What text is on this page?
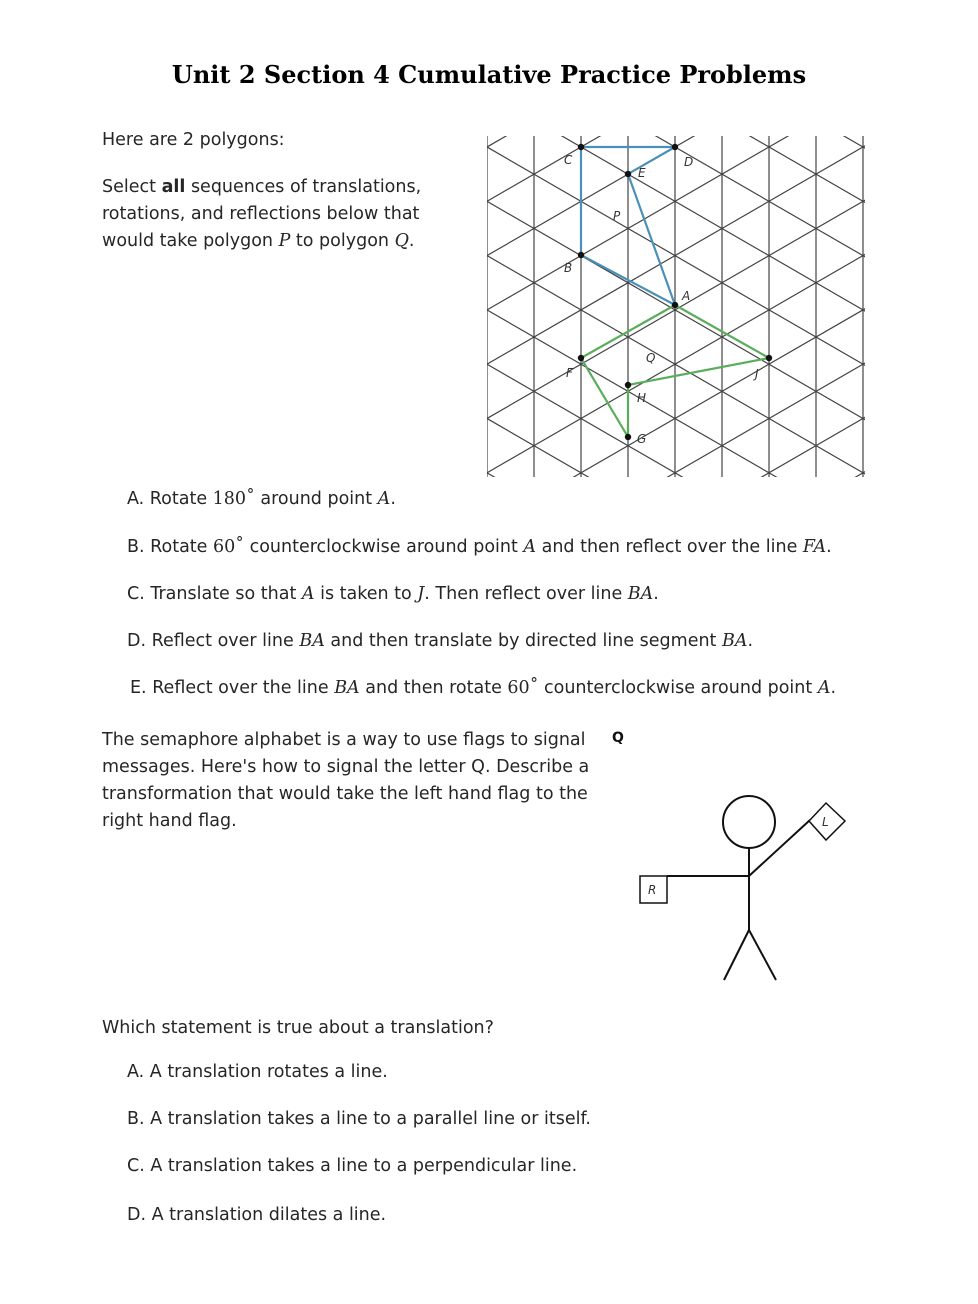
Unit 2 Section 4 Cumulative Practice Problems
Here are 2 polygons:
Select all sequences of translations, rotations, and reflections below that would take polygon P to polygon Q.
C	D
E
P
B
A
Q
F
H
G
J
A. Rotate 180˚ around point A.
B. Rotate 60˚ counterclockwise around point A and then reflect over the line FA.
C. Translate so that A is taken to J. Then reflect over line BA.
D. Reflect over line BA and then translate by directed line segment BA.
E. Reflect over the line BA and then rotate 60˚ counterclockwise around point A.
The semaphore alphabet is a way to use flags to signal messages. Here's how to signal the letter Q. Describe a transformation that would take the left hand flag to the right hand flag.
Q
R
L
Which statement is true about a translation?
A. A translation rotates a line.
B. A translation takes a line to a parallel line or itself.
C. A translation takes a line to a perpendicular line.
D. A translation dilates a line.
